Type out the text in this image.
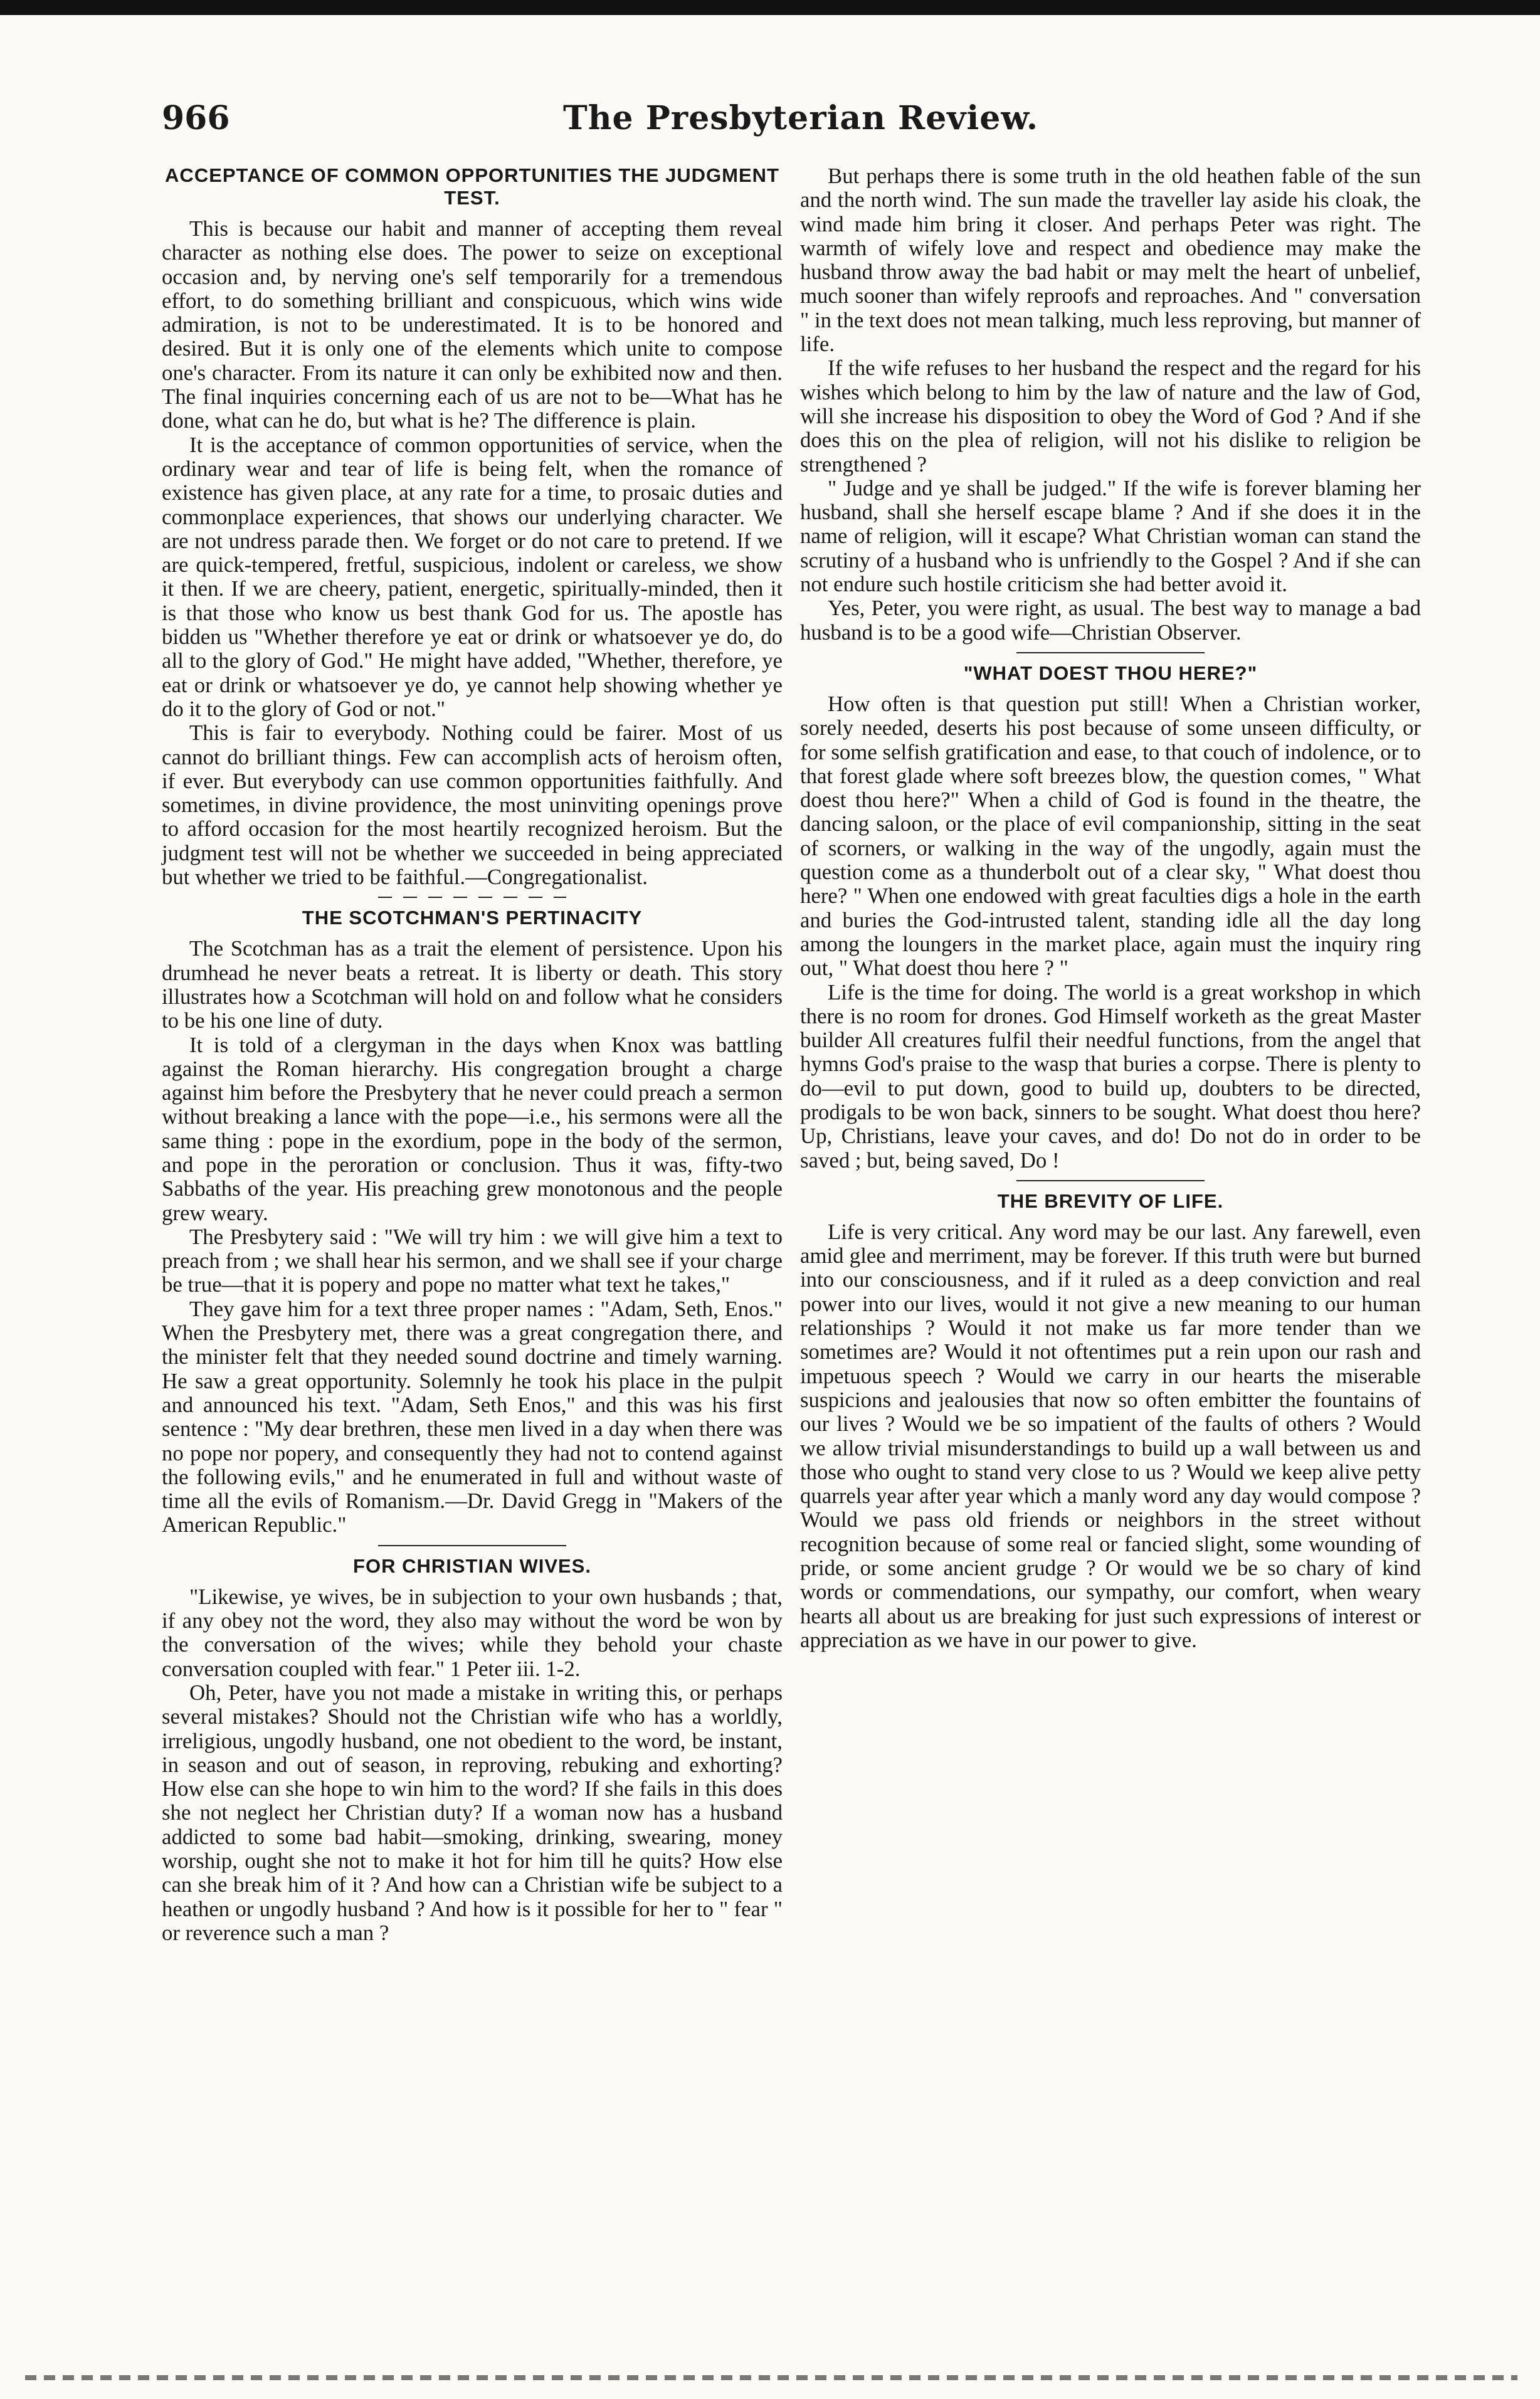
966	The Presbyterian Review.
ACCEPTANCE OF COMMON OPPORTUNITIES THE JUDGMENT TEST.

This is because our habit and manner of accepting them reveal character as nothing else does. The power to seize on exceptional occasion and, by nerving one's self temporarily for a tremendous effort, to do something brilliant and conspicuous, which wins wide admiration, is not to be underestimated. It is to be honored and desired. But it is only one of the elements which unite to compose one's character. From its nature it can only be exhibited now and then. The final inquiries concerning each of us are not to be—What has he done, what can he do, but what is he? The difference is plain.

It is the acceptance of common opportunities of service, when the ordinary wear and tear of life is being felt, when the romance of existence has given place, at any rate for a time, to prosaic duties and commonplace experiences, that shows our underlying character. We are not undress parade then. We forget or do not care to pretend. If we are quick-tempered, fretful, suspicious, indolent or careless, we show it then. If we are cheery, patient, energetic, spiritually-minded, then it is that those who know us best thank God for us. The apostle has bidden us "Whether therefore ye eat or drink or whatsoever ye do, do all to the glory of God." He might have added, "Whether, therefore, ye eat or drink or whatsoever ye do, ye cannot help showing whether ye do it to the glory of God or not."

This is fair to everybody. Nothing could be fairer. Most of us cannot do brilliant things. Few can accomplish acts of heroism often, if ever. But everybody can use common opportunities faithfully. And sometimes, in divine providence, the most uninviting openings prove to afford occasion for the most heartily recognized heroism. But the judgment test will not be whether we succeeded in being appreciated but whether we tried to be faithful.—Congregationalist.

THE SCOTCHMAN'S PERTINACITY

The Scotchman has as a trait the element of persistence. Upon his drumhead he never beats a retreat. It is liberty or death. This story illustrates how a Scotchman will hold on and follow what he considers to be his one line of duty.

It is told of a clergyman in the days when Knox was battling against the Roman hierarchy. His congregation brought a charge against him before the Presbytery that he never could preach a sermon without breaking a lance with the pope—i.e., his sermons were all the same thing : pope in the exordium, pope in the body of the sermon, and pope in the peroration or conclusion. Thus it was, fifty-two Sabbaths of the year. His preaching grew monotonous and the people grew weary.

The Presbytery said : "We will try him : we will give him a text to preach from ; we shall hear his sermon, and we shall see if your charge be true—that it is popery and pope no matter what text he takes,"

They gave him for a text three proper names : "Adam, Seth, Enos." When the Presbytery met, there was a great congregation there, and the minister felt that they needed sound doctrine and timely warning. He saw a great opportunity. Solemnly he took his place in the pulpit and announced his text. "Adam, Seth Enos," and this was his first sentence : "My dear brethren, these men lived in a day when there was no pope nor popery, and consequently they had not to contend against the following evils," and he enumerated in full and without waste of time all the evils of Romanism.—Dr. David Gregg in "Makers of the American Republic."

FOR CHRISTIAN WIVES.

"Likewise, ye wives, be in subjection to your own husbands ; that, if any obey not the word, they also may without the word be won by the conversation of the wives; while they behold your chaste conversation coupled with fear." 1 Peter iii. 1-2.

Oh, Peter, have you not made a mistake in writing this, or perhaps several mistakes? Should not the Christian wife who has a worldly, irreligious, ungodly husband, one not obedient to the word, be instant, in season and out of season, in reproving, rebuking and exhorting? How else can she hope to win him to the word? If she fails in this does she not neglect her Christian duty? If a woman now has a husband addicted to some bad habit—smoking, drinking, swearing, money worship, ought she not to make it hot for him till he quits? How else can she break him of it ? And how can a Christian wife be subject to a heathen or ungodly husband ? And how is it possible for her to " fear " or reverence such a man ?

But perhaps there is some truth in the old heathen fable of the sun and the north wind. The sun made the traveller lay aside his cloak, the wind made him bring it closer. And perhaps Peter was right. The warmth of wifely love and respect and obedience may make the husband throw away the bad habit or may melt the heart of unbelief, much sooner than wifely reproofs and reproaches. And " conversation " in the text does not mean talking, much less reproving, but manner of life.

If the wife refuses to her husband the respect and the regard for his wishes which belong to him by the law of nature and the law of God, will she increase his disposition to obey the Word of God ? And if she does this on the plea of religion, will not his dislike to religion be strengthened ?

" Judge and ye shall be judged." If the wife is forever blaming her husband, shall she herself escape blame ? And if she does it in the name of religion, will it escape? What Christian woman can stand the scrutiny of a husband who is unfriendly to the Gospel ? And if she can not endure such hostile criticism she had better avoid it.

Yes, Peter, you were right, as usual. The best way to manage a bad husband is to be a good wife—Christian Observer.

"WHAT DOEST THOU HERE?"

How often is that question put still! When a Christian worker, sorely needed, deserts his post because of some unseen difficulty, or for some selfish gratification and ease, to that couch of indolence, or to that forest glade where soft breezes blow, the question comes, " What doest thou here?" When a child of God is found in the theatre, the dancing saloon, or the place of evil companionship, sitting in the seat of scorners, or walking in the way of the ungodly, again must the question come as a thunderbolt out of a clear sky, " What doest thou here? " When one endowed with great faculties digs a hole in the earth and buries the God-intrusted talent, standing idle all the day long among the loungers in the market place, again must the inquiry ring out, " What doest thou here ? "

Life is the time for doing. The world is a great workshop in which there is no room for drones. God Himself worketh as the great Master builder All creatures fulfil their needful functions, from the angel that hymns God's praise to the wasp that buries a corpse. There is plenty to do—evil to put down, good to build up, doubters to be directed, prodigals to be won back, sinners to be sought. What doest thou here? Up, Christians, leave your caves, and do! Do not do in order to be saved ; but, being saved, Do !

THE BREVITY OF LIFE.

Life is very critical. Any word may be our last. Any farewell, even amid glee and merriment, may be forever. If this truth were but burned into our consciousness, and if it ruled as a deep conviction and real power into our lives, would it not give a new meaning to our human relationships ? Would it not make us far more tender than we sometimes are? Would it not oftentimes put a rein upon our rash and impetuous speech ? Would we carry in our hearts the miserable suspicions and jealousies that now so often embitter the fountains of our lives ? Would we be so impatient of the faults of others ? Would we allow trivial misunderstandings to build up a wall between us and those who ought to stand very close to us ? Would we keep alive petty quarrels year after year which a manly word any day would compose ? Would we pass old friends or neighbors in the street without recognition because of some real or fancied slight, some wounding of pride, or some ancient grudge ? Or would we be so chary of kind words or commendations, our sympathy, our comfort, when weary hearts all about us are breaking for just such expressions of interest or appreciation as we have in our power to give.
